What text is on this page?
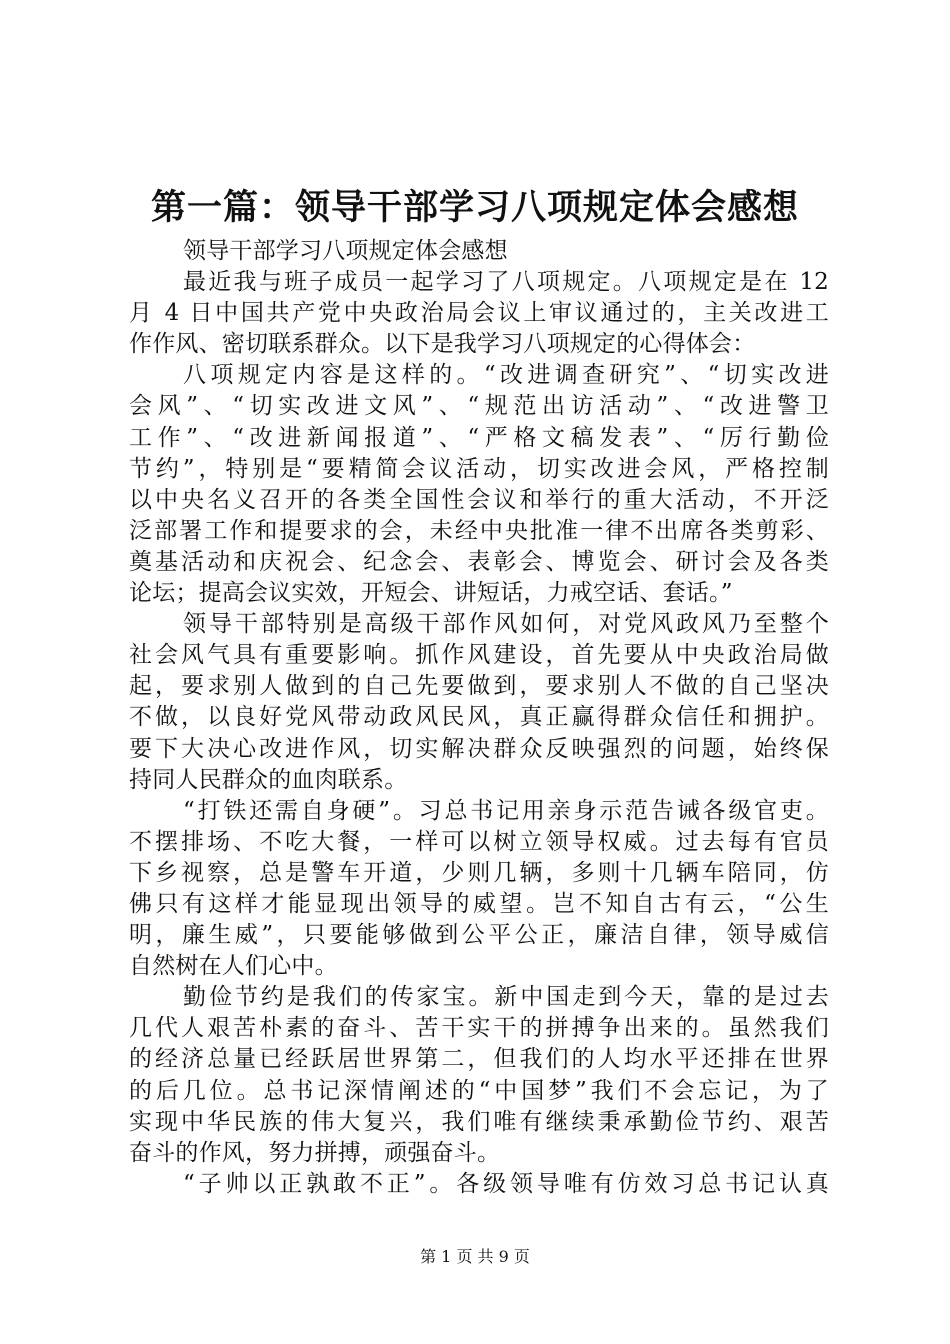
第一篇：领导干部学习八项规定体会感想
领导干部学习八项规定体会感想
最近我与班子成员一起学习了八项规定。八项规定是在 12
月 4 日中国共产党中央政治局会议上审议通过的，主关改进工
作作风、密切联系群众。以下是我学习八项规定的心得体会：
八项规定内容是这样的。“改进调查研究”、“切实改进
会风”、“切实改进文风”、“规范出访活动”、“改进警卫
工作”、“改进新闻报道”、“严格文稿发表”、“厉行勤俭
节约”，特别是“要精简会议活动，切实改进会风，严格控制
以中央名义召开的各类全国性会议和举行的重大活动，不开泛
泛部署工作和提要求的会，未经中央批准一律不出席各类剪彩、
奠基活动和庆祝会、纪念会、表彰会、博览会、研讨会及各类
论坛；提高会议实效，开短会、讲短话，力戒空话、套话。”
领导干部特别是高级干部作风如何，对党风政风乃至整个
社会风气具有重要影响。抓作风建设，首先要从中央政治局做
起，要求别人做到的自己先要做到，要求别人不做的自己坚决
不做，以良好党风带动政风民风，真正赢得群众信任和拥护。
要下大决心改进作风，切实解决群众反映强烈的问题，始终保
持同人民群众的血肉联系。
“打铁还需自身硬”。习总书记用亲身示范告诫各级官吏。
不摆排场、不吃大餐，一样可以树立领导权威。过去每有官员
下乡视察，总是警车开道，少则几辆，多则十几辆车陪同，仿
佛只有这样才能显现出领导的威望。岂不知自古有云，“公生
明，廉生威”，只要能够做到公平公正，廉洁自律，领导威信
自然树在人们心中。
勤俭节约是我们的传家宝。新中国走到今天，靠的是过去
几代人艰苦朴素的奋斗、苦干实干的拼搏争出来的。虽然我们
的经济总量已经跃居世界第二，但我们的人均水平还排在世界
的后几位。总书记深情阐述的“中国梦”我们不会忘记，为了
实现中华民族的伟大复兴，我们唯有继续秉承勤俭节约、艰苦
奋斗的作风，努力拼搏，顽强奋斗。
“子帅以正孰敢不正”。各级领导唯有仿效习总书记认真

第 1 页 共 9 页
